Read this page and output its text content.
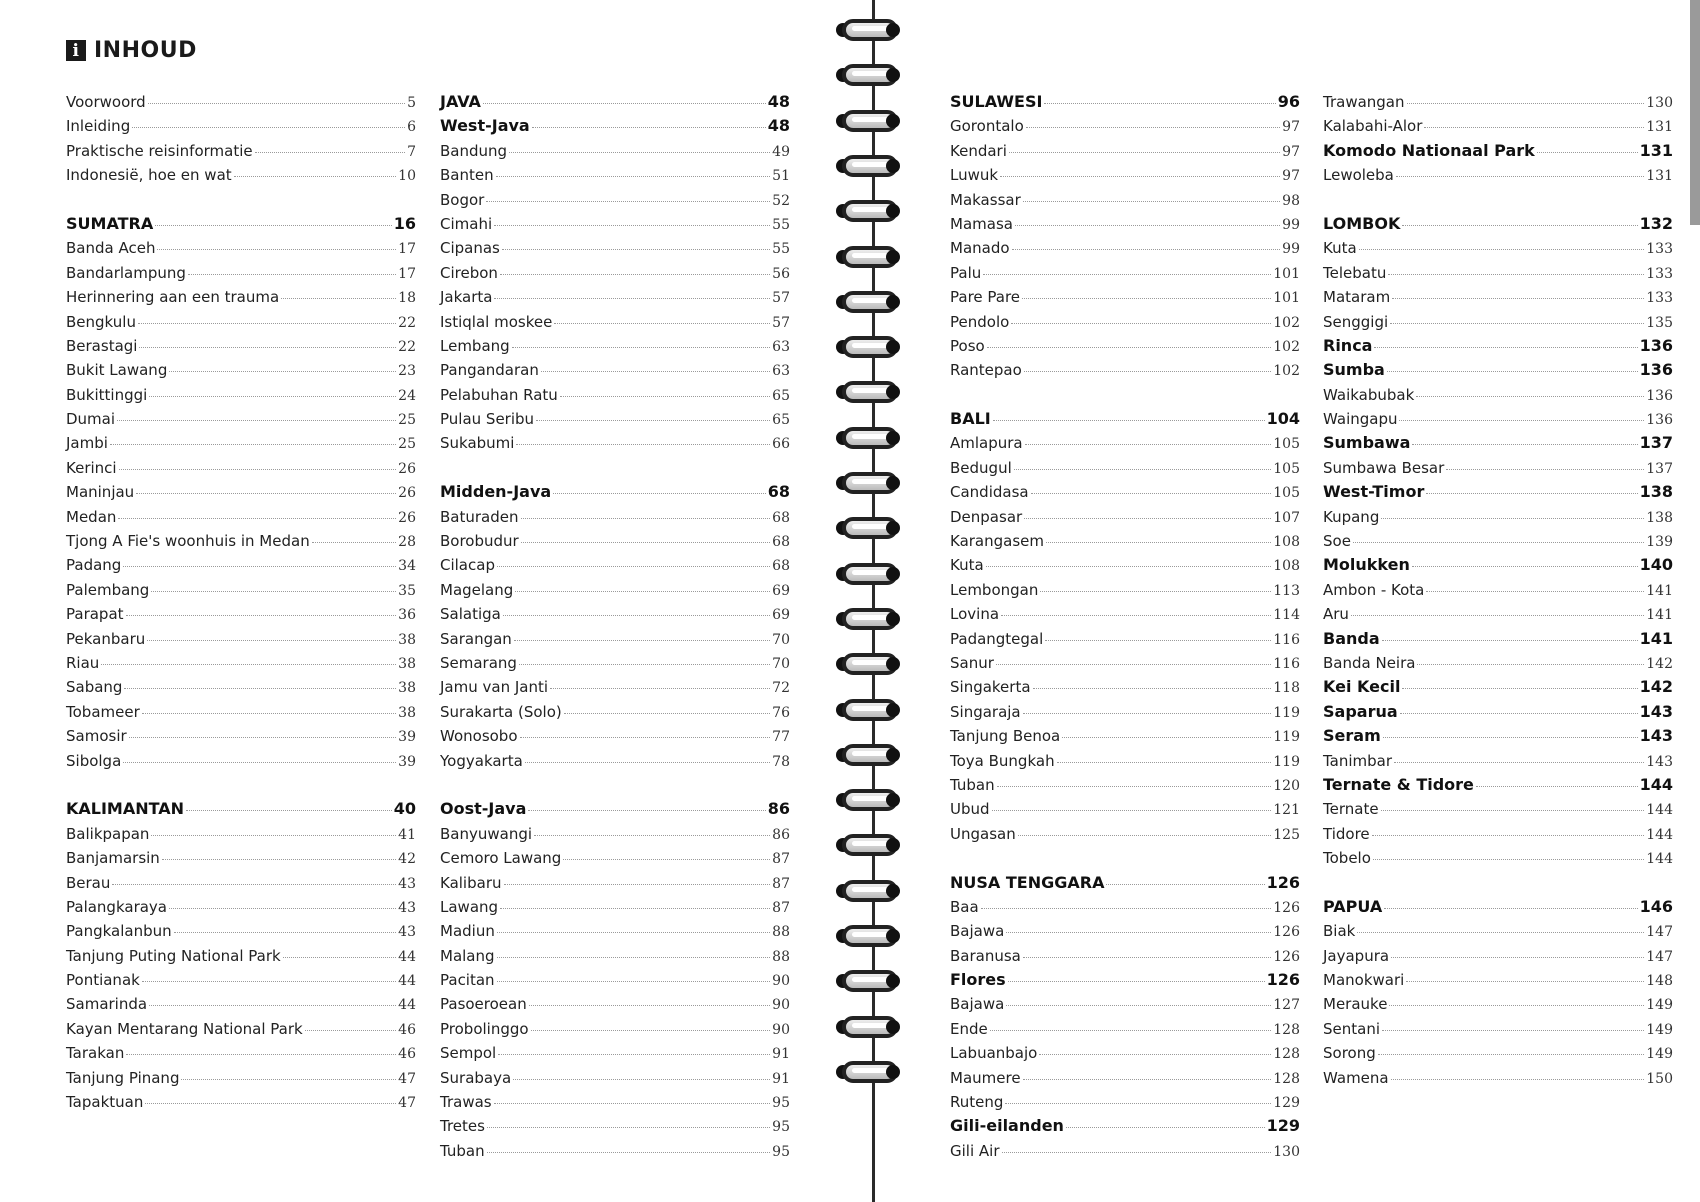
i INHOUD
Voorwoord	5
Inleiding	6
Praktische reisinformatie	7
Indonesië, hoe en wat	10
SUMATRA	16
Banda Aceh	17
Bandarlampung	17
Herinnering aan een trauma	18
Bengkulu	22
Berastagi	22
Bukit Lawang	23
Bukittinggi	24
Dumai	25
Jambi	25
Kerinci	26
Maninjau	26
Medan	26
Tjong A Fie's woonhuis in Medan	28
Padang	34
Palembang	35
Parapat	36
Pekanbaru	38
Riau	38
Sabang	38
Tobameer	38
Samosir	39
Sibolga	39
KALIMANTAN	40
Balikpapan	41
Banjamarsin	42
Berau	43
Palangkaraya	43
Pangkalanbun	43
Tanjung Puting National Park	44
Pontianak	44
Samarinda	44
Kayan Mentarang National Park	46
Tarakan	46
Tanjung Pinang	47
Tapaktuan	47
JAVA	48
West-Java	48
Bandung	49
Banten	51
Bogor	52
Cimahi	55
Cipanas	55
Cirebon	56
Jakarta	57
Istiqlal moskee	57
Lembang	63
Pangandaran	63
Pelabuhan Ratu	65
Pulau Seribu	65
Sukabumi	66
Midden-Java	68
Baturaden	68
Borobudur	68
Cilacap	68
Magelang	69
Salatiga	69
Sarangan	70
Semarang	70
Jamu van Janti	72
Surakarta (Solo)	76
Wonosobo	77
Yogyakarta	78
Oost-Java	86
Banyuwangi	86
Cemoro Lawang	87
Kalibaru	87
Lawang	87
Madiun	88
Malang	88
Pacitan	90
Pasoeroean	90
Probolinggo	90
Sempol	91
Surabaya	91
Trawas	95
Tretes	95
Tuban	95
SULAWESI	96
Gorontalo	97
Kendari	97
Luwuk	97
Makassar	98
Mamasa	99
Manado	99
Palu	101
Pare Pare	101
Pendolo	102
Poso	102
Rantepao	102
BALI	104
Amlapura	105
Bedugul	105
Candidasa	105
Denpasar	107
Karangasem	108
Kuta	108
Lembongan	113
Lovina	114
Padangtegal	116
Sanur	116
Singakerta	118
Singaraja	119
Tanjung Benoa	119
Toya Bungkah	119
Tuban	120
Ubud	121
Ungasan	125
NUSA TENGGARA	126
Baa	126
Bajawa	126
Baranusa	126
Flores	126
Bajawa	127
Ende	128
Labuanbajo	128
Maumere	128
Ruteng	129
Gili-eilanden	129
Gili Air	130
Trawangan	130
Kalabahi-Alor	131
Komodo Nationaal Park	131
Lewoleba	131
LOMBOK	132
Kuta	133
Telebatu	133
Mataram	133
Senggigi	135
Rinca	136
Sumba	136
Waikabubak	136
Waingapu	136
Sumbawa	137
Sumbawa Besar	137
West-Timor	138
Kupang	138
Soe	139
Molukken	140
Ambon - Kota	141
Aru	141
Banda	141
Banda Neira	142
Kei Kecil	142
Saparua	143
Seram	143
Tanimbar	143
Ternate & Tidore	144
Ternate	144
Tidore	144
Tobelo	144
PAPUA	146
Biak	147
Jayapura	147
Manokwari	148
Merauke	149
Sentani	149
Sorong	149
Wamena	150
